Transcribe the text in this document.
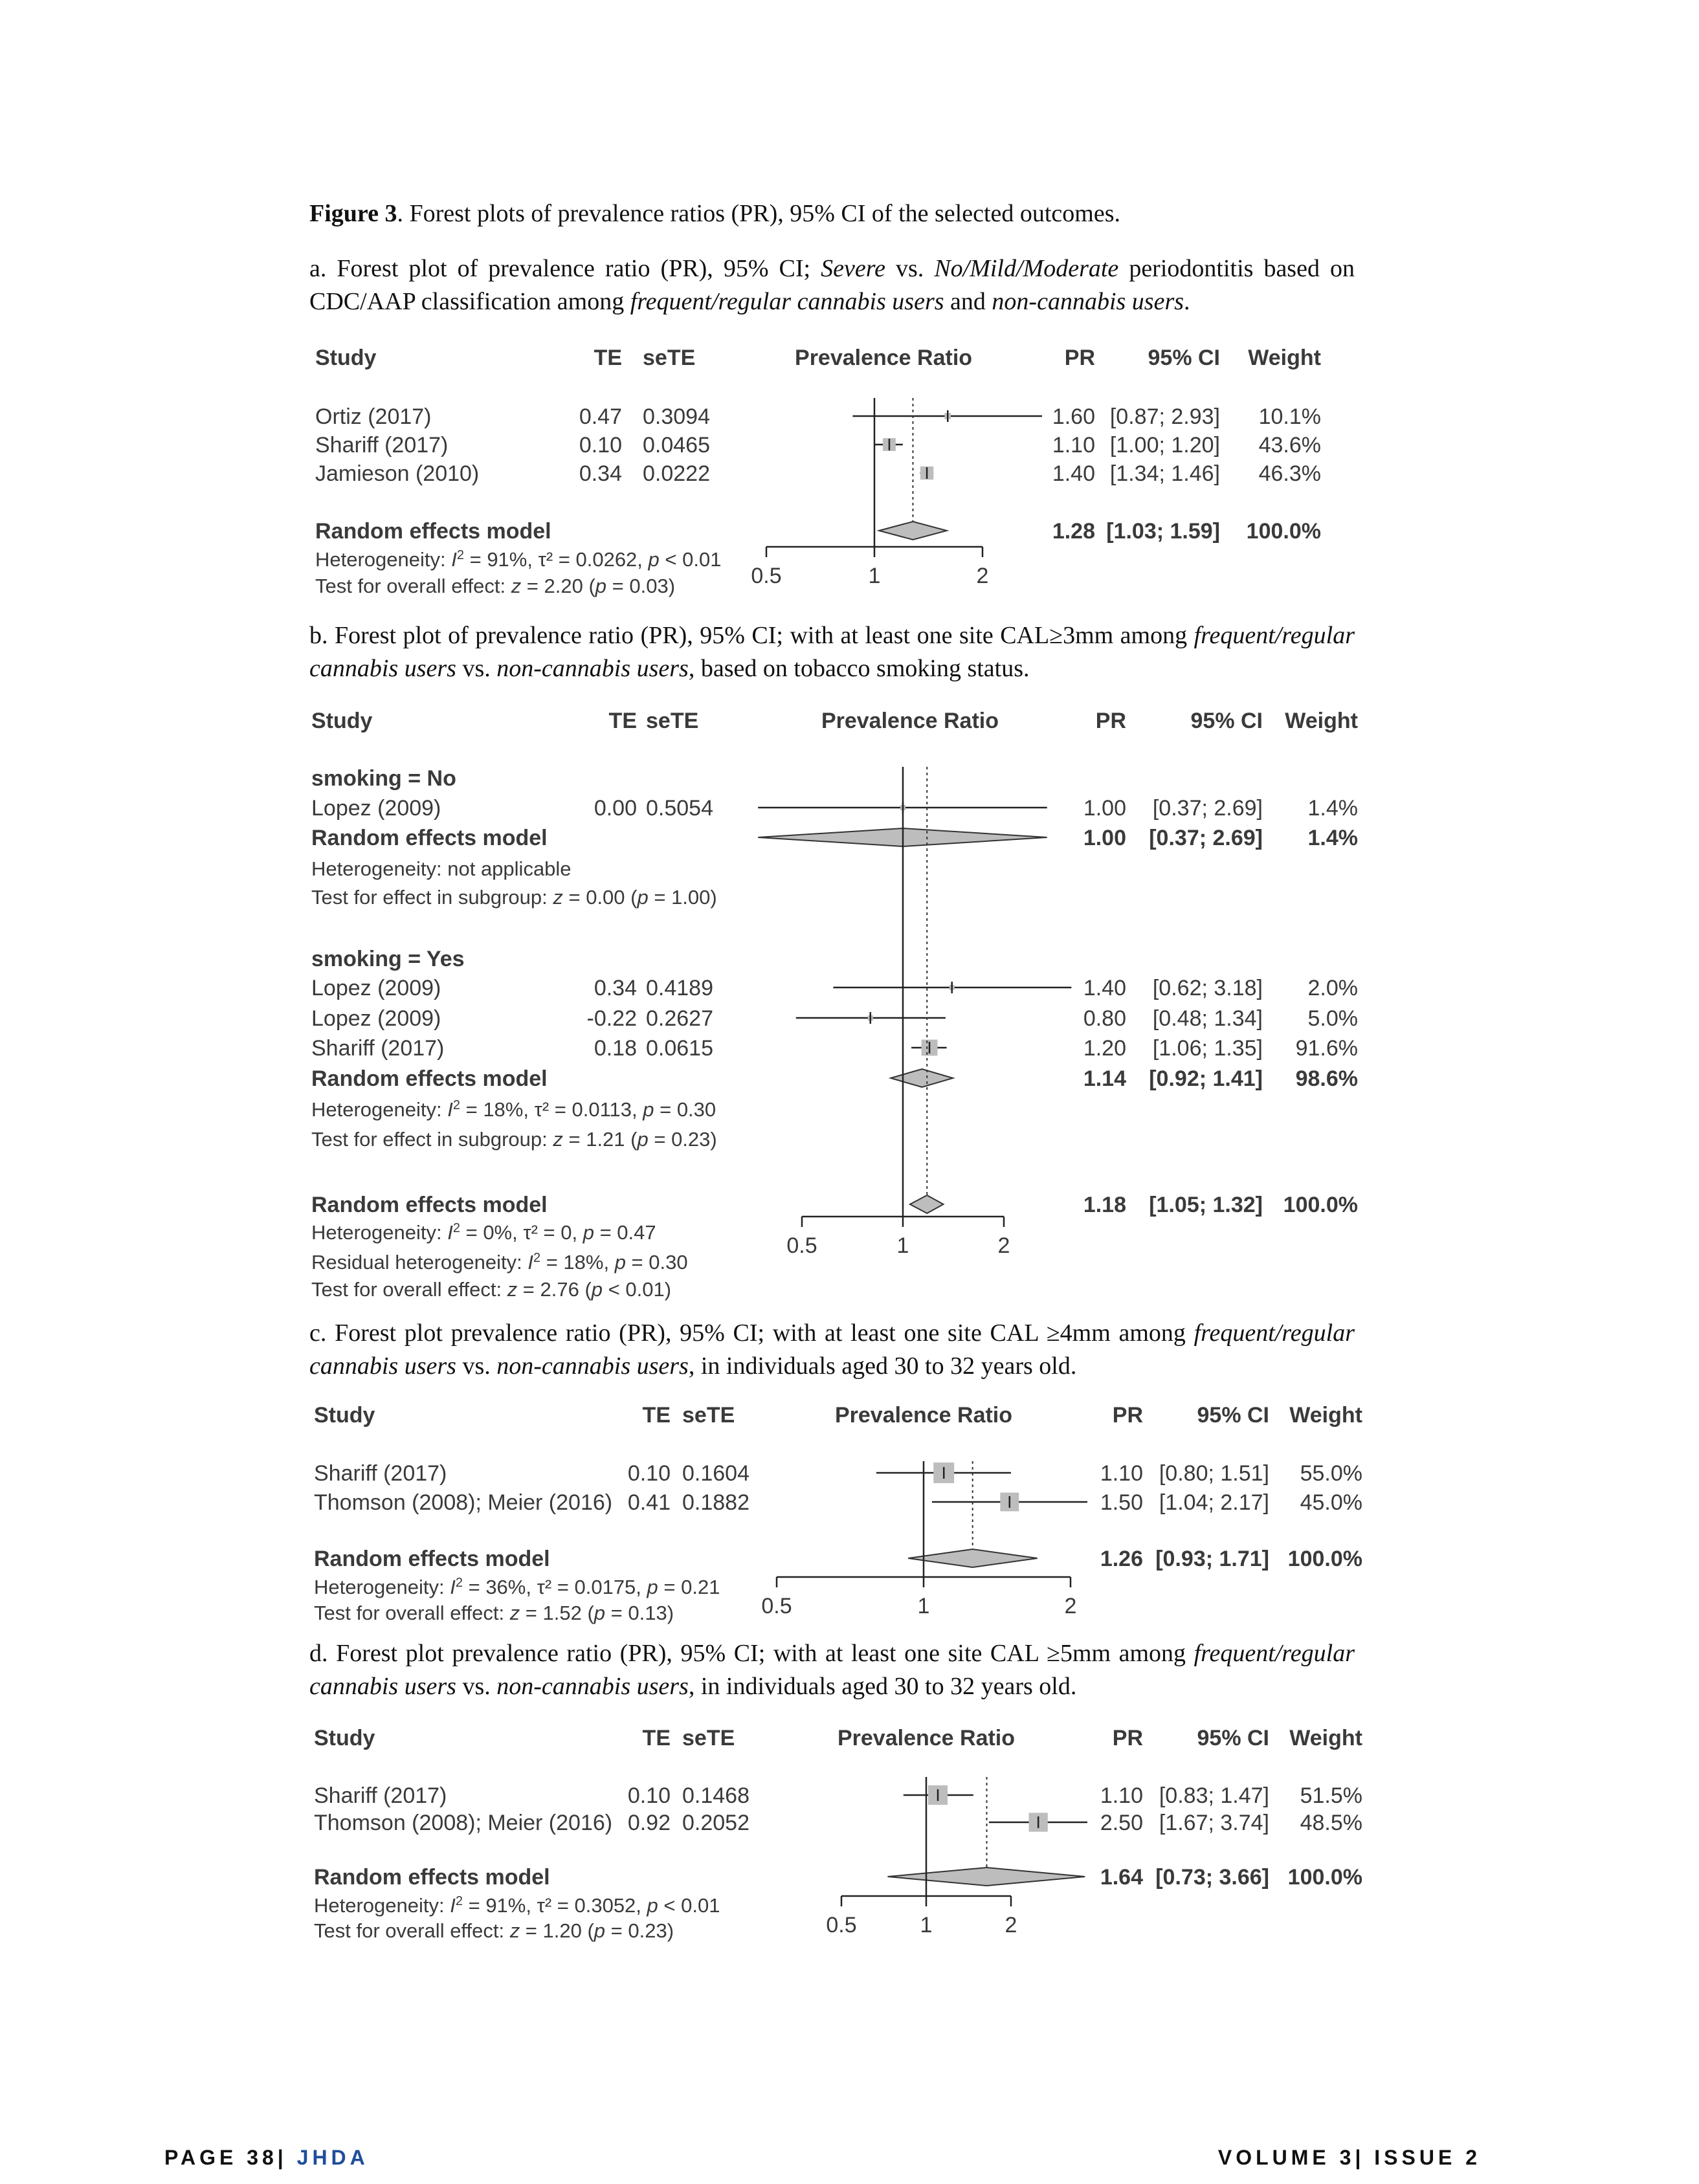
Figure 3. Forest plots of prevalence ratios (PR), 95% CI of the selected outcomes.
a. Forest plot of prevalence ratio (PR), 95% CI; Severe vs. No/Mild/Moderate periodontitis based on CDC/AAP classification among frequent/regular cannabis users and non-cannabis users.
Study	TE seTE	Prevalence Ratio	PR 95% CI Weight
Ortiz (2017)	0.47 0.3094	1.60 [0.87; 2.93] 10.1%
Shariff (2017)	0.10 0.0465	1.10 [1.00; 1.20] 43.6%
Jamieson (2010)	0.34 0.0222	1.40 [1.34; 1.46] 46.3%
Random effects model	1.28 [1.03; 1.59] 100.0%
Heterogeneity: $I^2 = 91\%$, τ² = 0.0262, p < 0.01
Test for overall effect: z = 2.20 (p = 0.03)	0.5	1	2
b. Forest plot of prevalence ratio (PR), 95% CI; with at least one site CAL≥3mm among frequent/regular cannabis users vs. non-cannabis users, based on tobacco smoking status.
Study	TE seTE	Prevalence Ratio	PR	95% CI Weight
smoking = No
Lopez (2009)	0.00 0.5054	1.00 [0.37; 2.69] 1.4%
Random effects model	1.00 [0.37; 2.69] 1.4%
Heterogeneity: not applicable
Test for effect in subgroup: z = 0.00 (p = 1.00)
smoking = Yes
Lopez (2009)	0.34 0.4189	1.40 [0.62; 3.18] 2.0%
Lopez (2009)	-0.22 0.2627	0.80 [0.48; 1.34] 5.0%
Shariff (2017)	0.18 0.0615	1.20 [1.06; 1.35] 91.6%
Random effects model	1.14 [0.92; 1.41] 98.6%
Heterogeneity: $I^2 = 18\%$, τ² = 0.0113, p = 0.30
Test for effect in subgroup: z = 1.21 (p = 0.23)
Random effects model	1.18 [1.05; 1.32] 100.0%
Heterogeneity: $I^2 = 0\%$, τ² = 0, p = 0.47
Residual heterogeneity: $I^2 = 18\%$, p = 0.30
Test for overall effect: z = 2.76 (p < 0.01)
0.5	1	2
c. Forest plot prevalence ratio (PR), 95% CI; with at least one site CAL ≥4mm among frequent/regular cannabis users vs. non-cannabis users, in individuals aged 30 to 32 years old.
Study	TE seTE	Prevalence Ratio	PR 95% CI Weight
Shariff (2017)	0.10 0.1604	1.10 [0.80; 1.51] 55.0%
Thomson (2008); Meier (2016) 0.41 0.1882	1.50 [1.04; 2.17] 45.0%
Random effects model	1.26 [0.93; 1.71] 100.0%
Heterogeneity: $I^2 = 36\%$, τ² = 0.0175, p = 0.21
Test for overall effect: z = 1.52 (p = 0.13)	0.5	1	2
d. Forest plot prevalence ratio (PR), 95% CI; with at least one site CAL ≥5mm among frequent/regular cannabis users vs. non-cannabis users, in individuals aged 30 to 32 years old.
Study	TE seTE	Prevalence Ratio	PR 95% CI Weight
Shariff (2017)	0.10 0.1468	1.10 [0.83; 1.47] 51.5%
Thomson (2008); Meier (2016) 0.92 0.2052	2.50 [1.67; 3.74] 48.5%
Random effects model	1.64 [0.73; 3.66] 100.0%
Heterogeneity: $I^2 = 91\%$, τ² = 0.3052, p < 0.01
Test for overall effect: z = 1.20 (p = 0.23)	0.5	1	2
PAGE 38| JHDA	VOLUME 3| ISSUE 2
